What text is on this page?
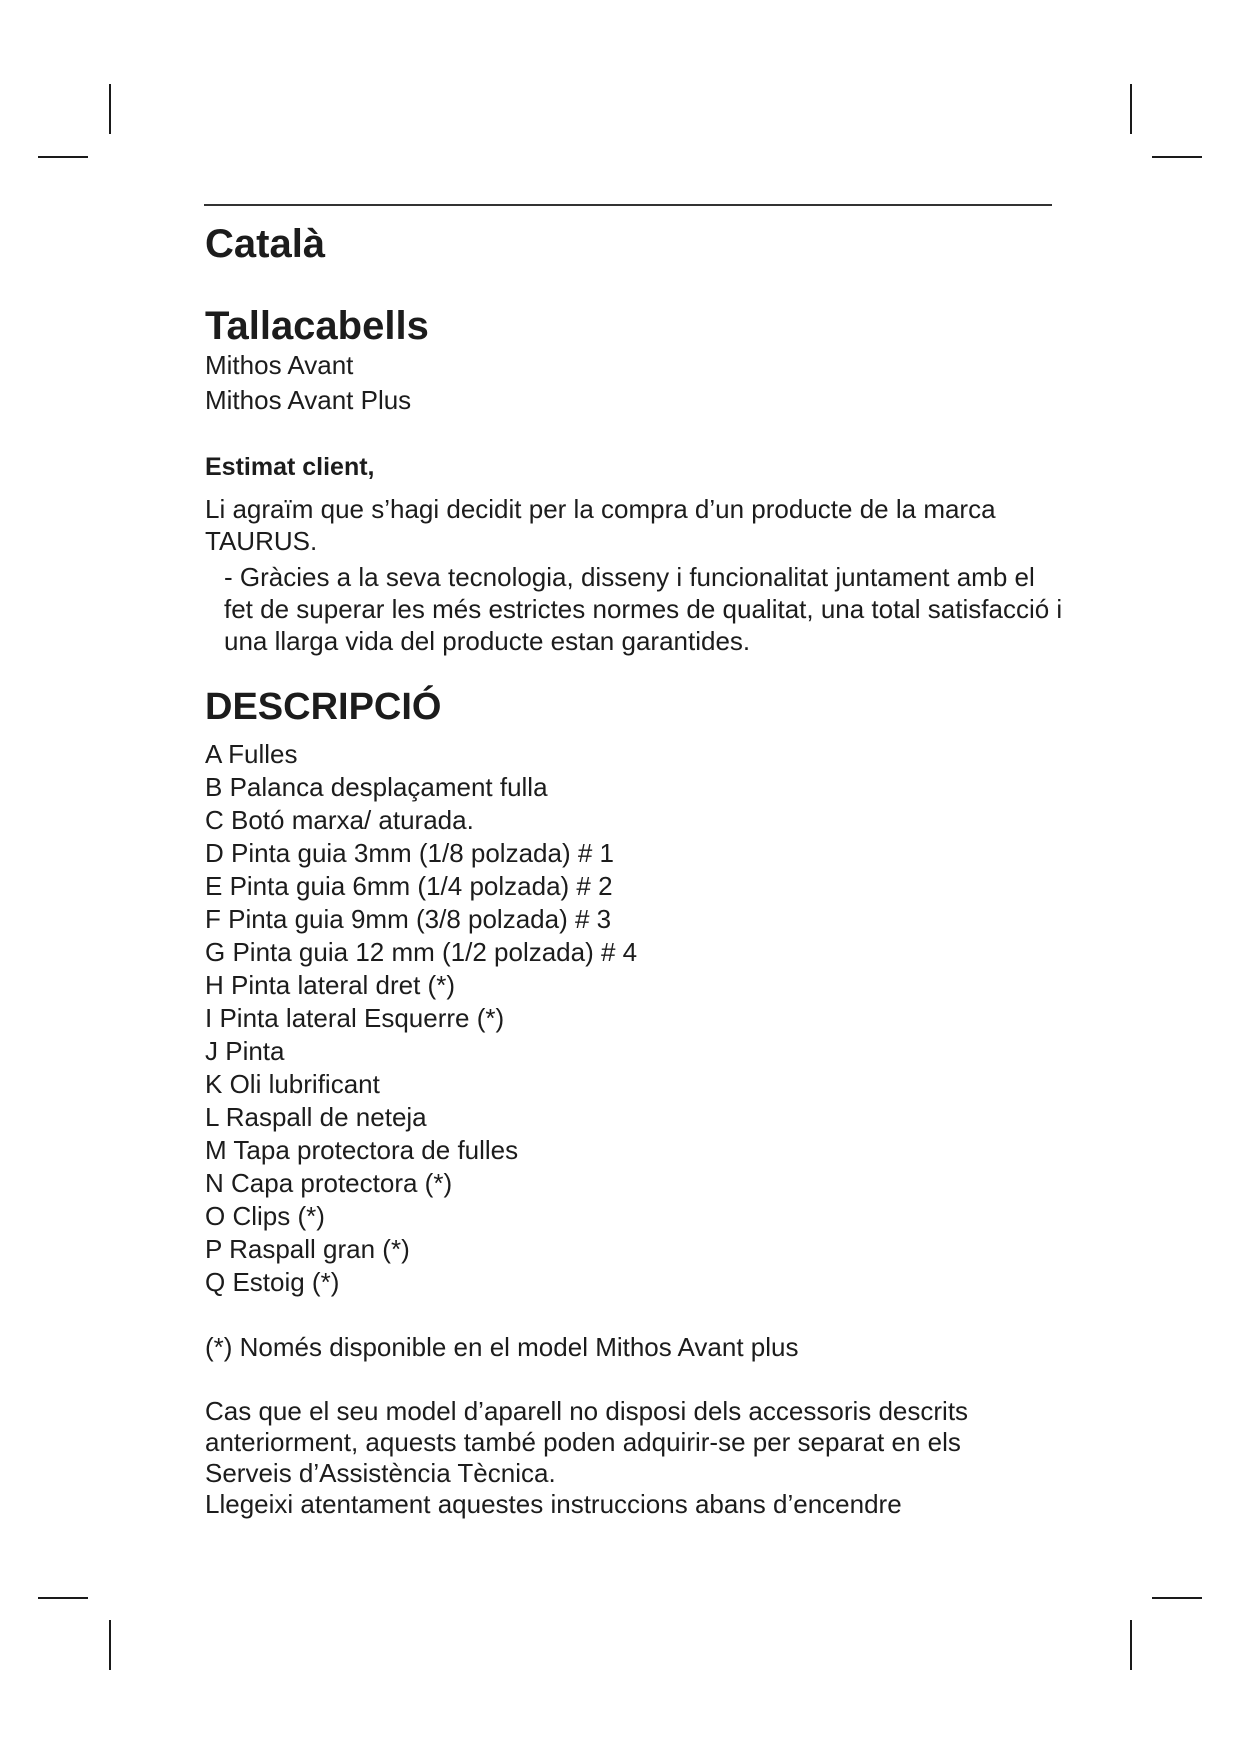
Català
Tallacabells

Mithos Avant

Mithos Avant Plus

Estimat client,

Li agraïm que s’hagi decidit per la compra d’un producte de la marca TAURUS.

- Gràcies a la seva tecnologia, disseny i funcionalitat juntament amb el fet de superar les més estrictes normes de qualitat, una total satisfacció i una llarga vida del producte estan garantides.

DESCRIPCIÓ
A Fulles
B Palanca desplaçament fulla
C Botó marxa/ aturada.
D Pinta guia 3mm (1/8 polzada) # 1
E Pinta guia 6mm (1/4 polzada) # 2
F Pinta guia 9mm (3/8 polzada) # 3
G Pinta guia 12 mm (1/2 polzada) # 4
H Pinta lateral dret (*)
I Pinta lateral Esquerre (*)
J Pinta
K Oli lubrificant
L Raspall de neteja
M Tapa protectora de fulles
N Capa protectora (*)
O Clips (*)
P Raspall gran (*)
Q Estoig (*)

(*) Només disponible en el model Mithos Avant plus

Cas que el seu model d’aparell no disposi dels accessoris descrits
anteriorment, aquests també poden adquirir-se per separat en els
Serveis d’Assistència Tècnica.
Llegeixi atentament aquestes instruccions abans d’encendre
